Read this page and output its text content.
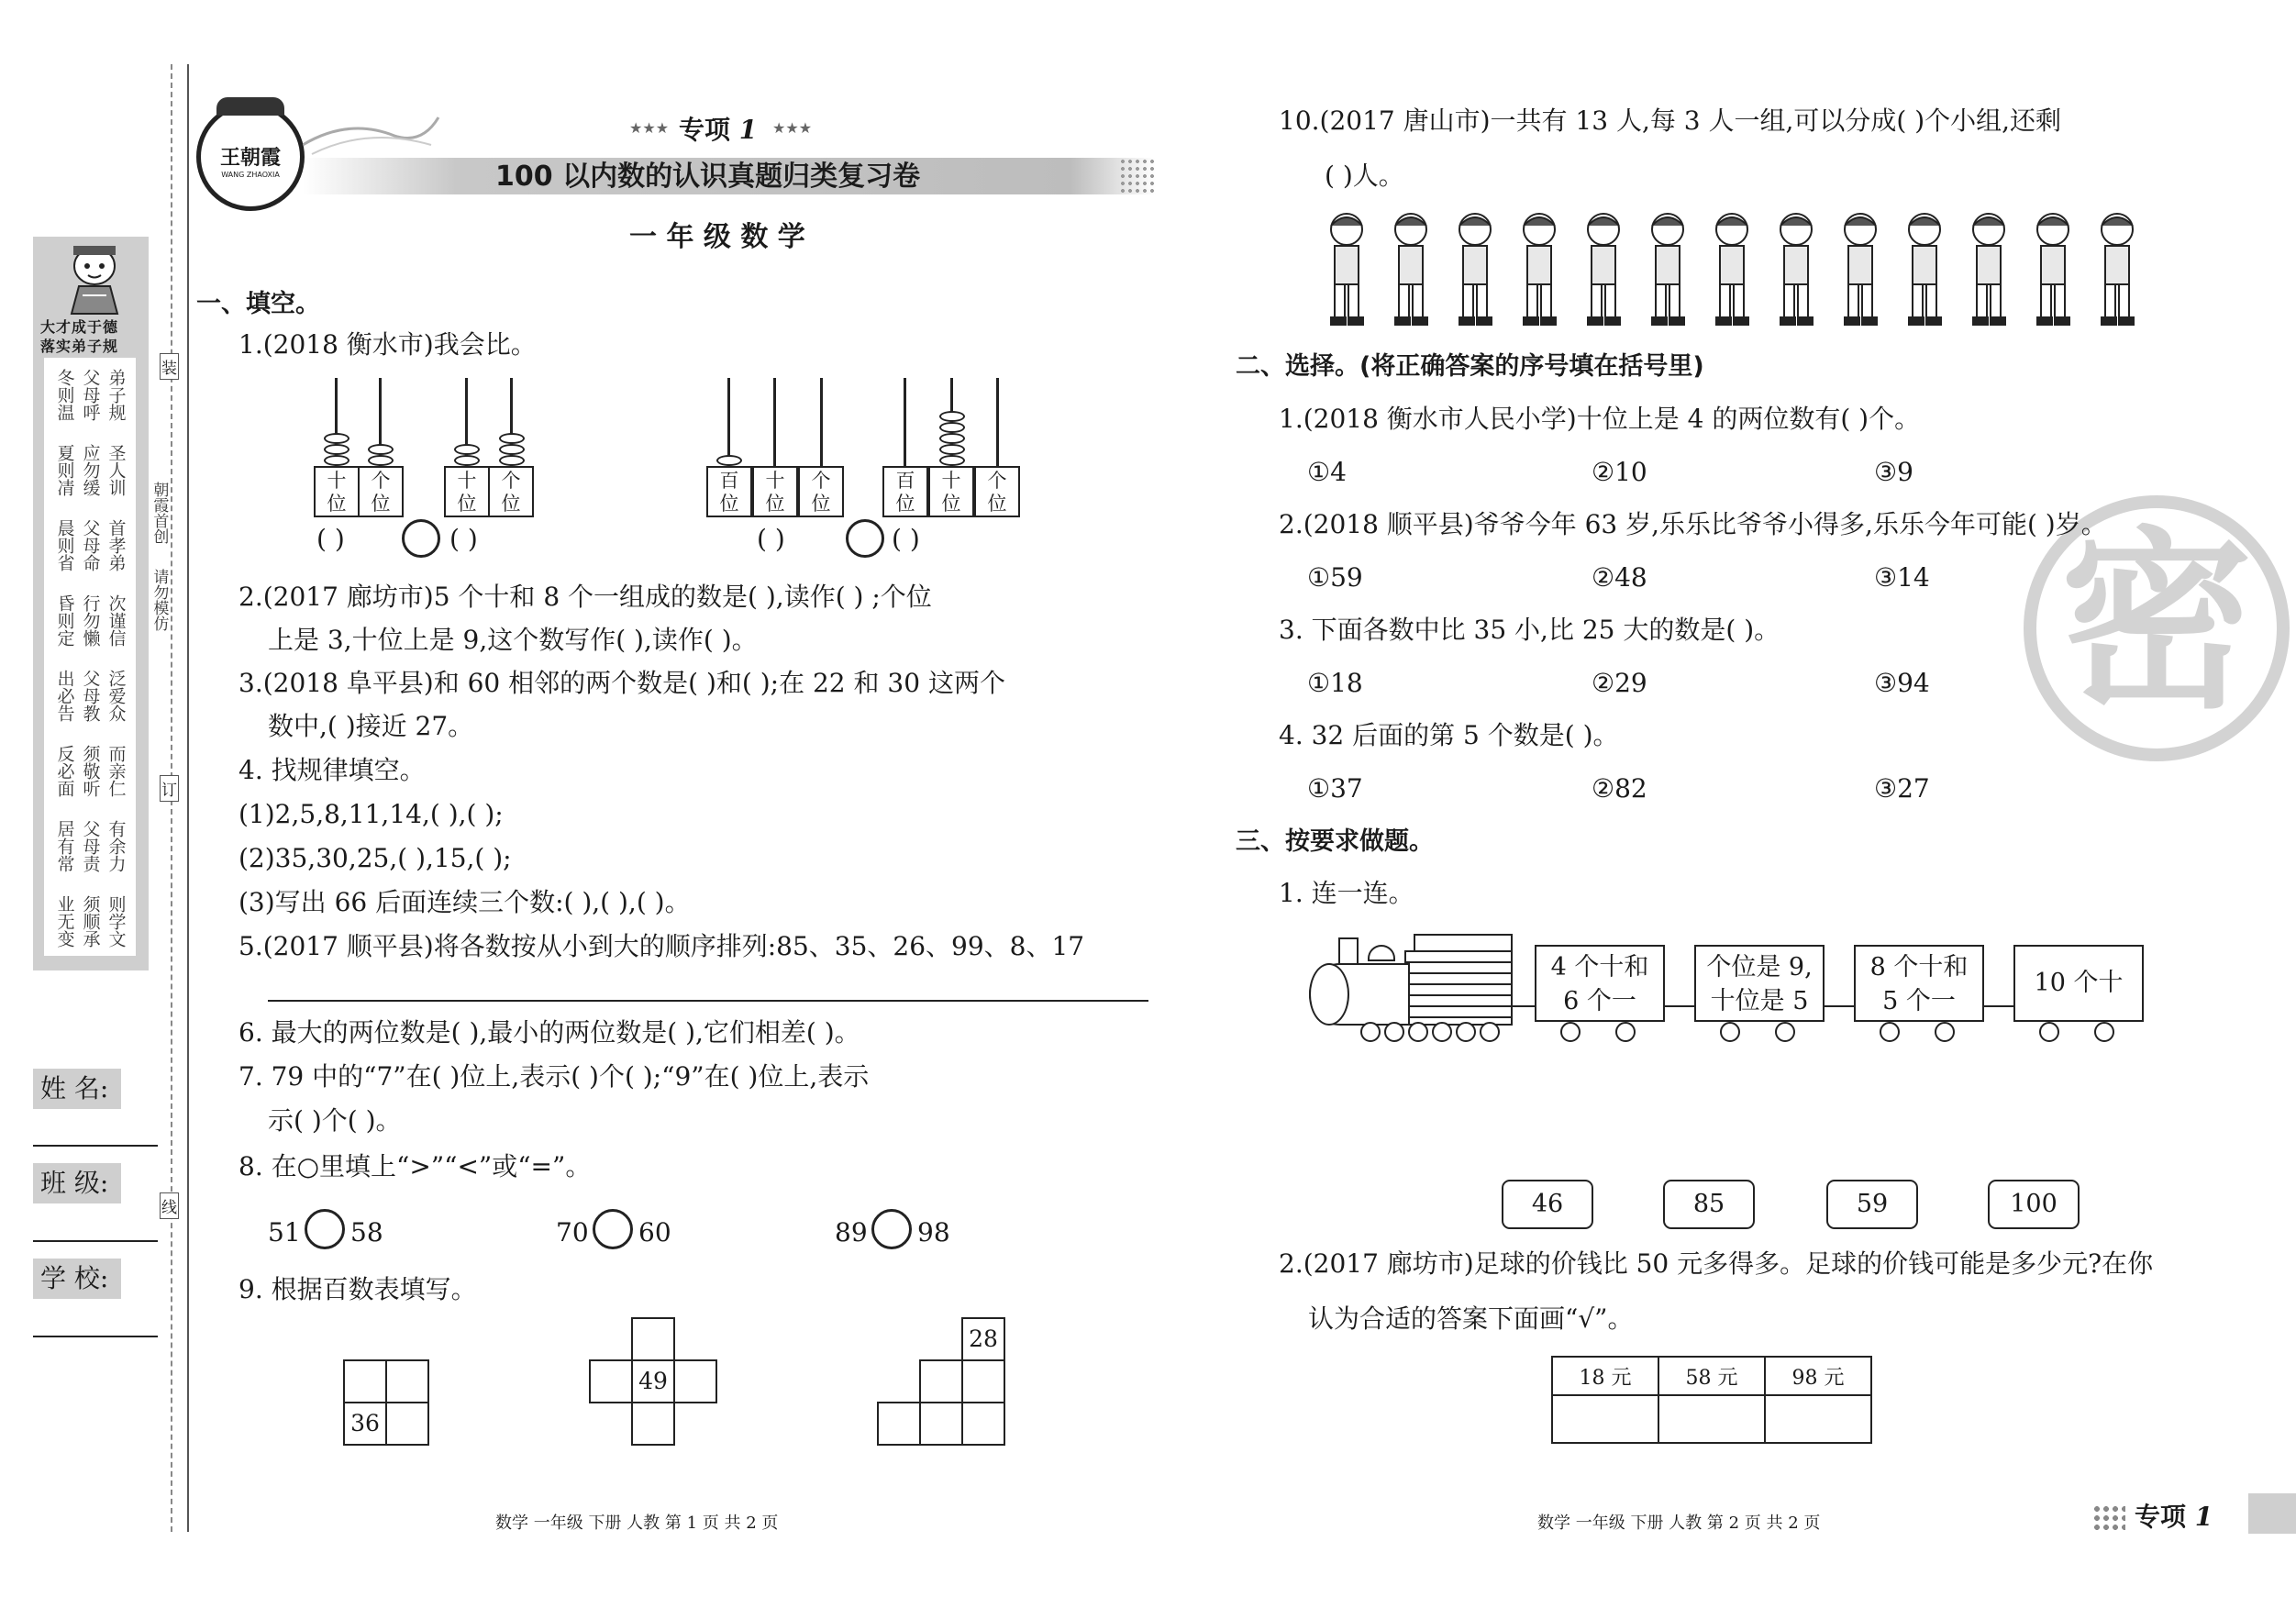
朝霞首创
请勿模仿
装
订
线
大才成于德
落实弟子规
弟子规
圣人训
首孝弟
次谨信
泛爱众
而亲仁
有余力
则学文
父母呼
应勿缓
父母命
行勿懒
父母教
须敬听
父母责
须顺承
冬则温
夏则凊
晨则省
昏则定
出必告
反必面
居有常
业无变
姓 名:
班 级:
学 校:
王朝霞
WANG ZHAOXIA
★★★ 专项 1 ★★★
100 以内数的认识真题归类复习卷
一 年 级 数 学
一、填空。
1.(2018 衡水市)我会比。
十
位
个
位
十
位
个
位
( )	( )
百
位
十
位
个
位
百
位
十
位
个
位
( )	( )
2.(2017 廊坊市)5 个十和 8 个一组成的数是( ),读作( ) ;个位
上是 3,十位上是 9,这个数写作( ),读作( )。
3.(2018 阜平县)和 60 相邻的两个数是( )和( );在 22 和 30 这两个
数中,( )接近 27。
4. 找规律填空。
(1)2,5,8,11,14,( ),( );
(2)35,30,25,( ),15,( );
(3)写出 66 后面连续三个数:( ),( ),( )。
5.(2017 顺平县)将各数按从小到大的顺序排列:85、35、26、99、8、17
6. 最大的两位数是( ),最小的两位数是( ),它们相差( )。
7. 79 中的“7”在( )位上,表示( )个( );“9”在( )位上,表示
示( )个( )。
8. 在○里填上“>”“<”或“=”。
51 58	70 60	89 98
9. 根据百数表填写。
36
49
28
数学 一年级 下册 人教 第 1 页 共 2 页
密
10.(2017 唐山市)一共有 13 人,每 3 人一组,可以分成( )个小组,还剩
( )人。
二、选择。(将正确答案的序号填在括号里)
1.(2018 衡水市人民小学)十位上是 4 的两位数有( )个。
①4	②10	③9
2.(2018 顺平县)爷爷今年 63 岁,乐乐比爷爷小得多,乐乐今年可能( )岁。
①59	②48	③14
3. 下面各数中比 35 小,比 25 大的数是( )。
①18	②29	③94
4. 32 后面的第 5 个数是( )。
①37	②82	③27
三、按要求做题。
1. 连一连。
4 个十和
6 个一
个位是 9,
十位是 5
8 个十和
5 个一
10 个十
46	85	59	100
2.(2017 廊坊市)足球的价钱比 50 元多得多。足球的价钱可能是多少元?在你
认为合适的答案下面画“√”。
18 元	58 元	98 元

数学 一年级 下册 人教 第 2 页 共 2 页	专项 1
